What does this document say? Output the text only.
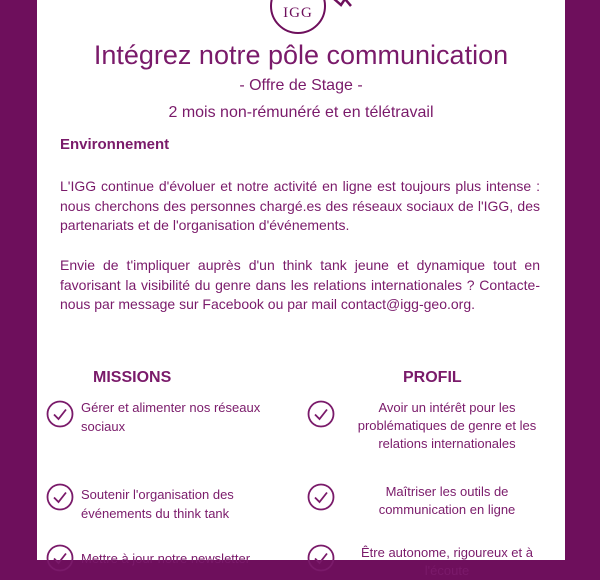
IGG
Intégrez notre pôle communication
- Offre de Stage -
2 mois non-rémunéré et en télétravail
Environnement
L'IGG continue d'évoluer et notre activité en ligne est toujours plus intense : nous cherchons des personnes chargé.es des réseaux sociaux de l'IGG, des partenariats et de l'organisation d'événements.
Envie de t'impliquer auprès d'un think tank jeune et dynamique tout en favorisant la visibilité du genre dans les relations internationales ? Contacte-nous par message sur Facebook ou par mail contact@igg-geo.org.
MISSIONS	PROFIL
Gérer et alimenter nos réseaux sociaux
Soutenir l'organisation des événements du think tank
Mettre à jour notre newsletter
Avoir un intérêt pour les problématiques de genre et les relations internationales
Maîtriser les outils de communication en ligne
Être autonome, rigoureux et à l'écoute
